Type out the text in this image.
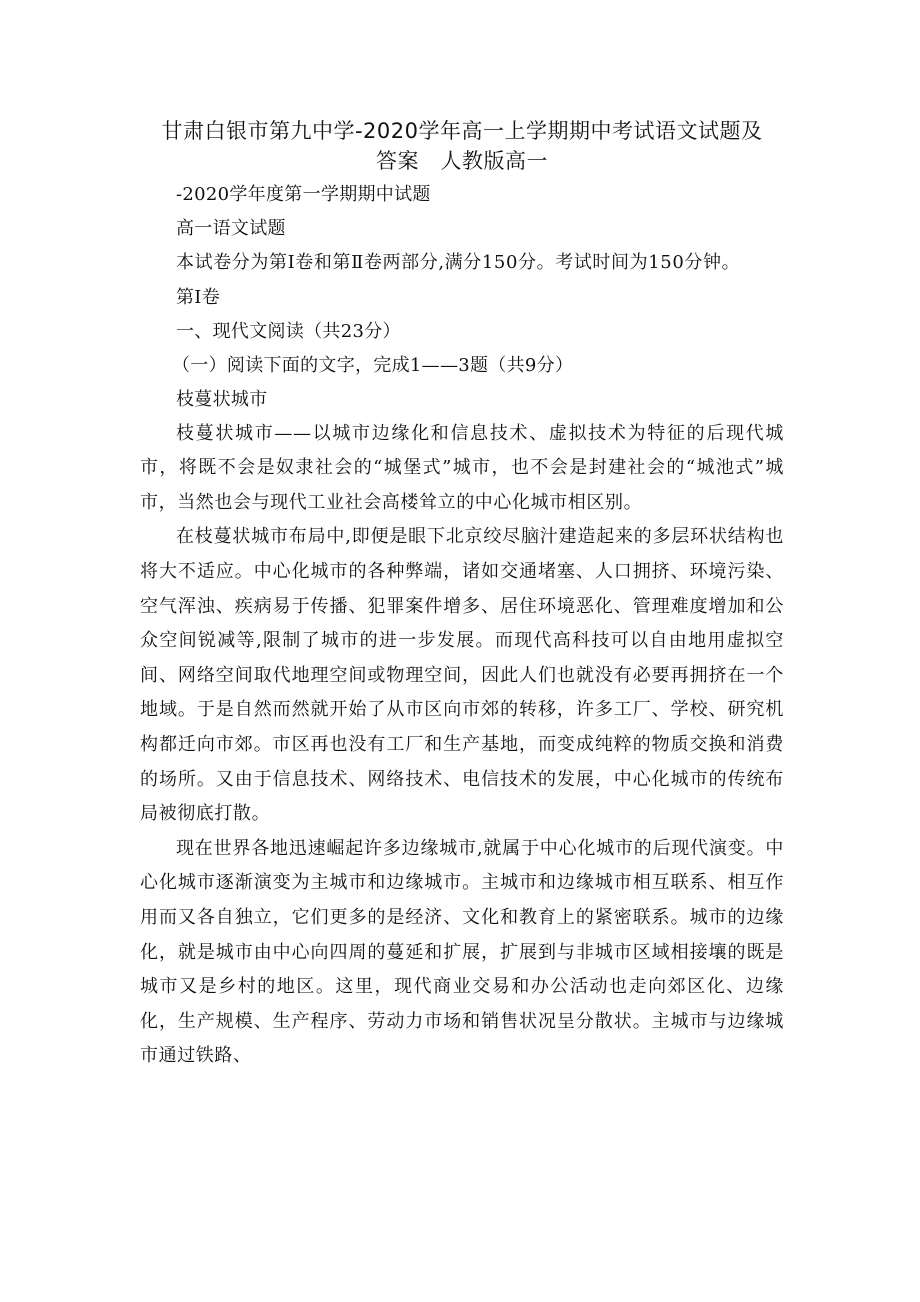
甘肃白银市第九中学-2020学年高一上学期期中考试语文试题及
答案　人教版高一

-2020学年度第一学期期中试题

高一语文试题

本试卷分为第Ⅰ卷和第Ⅱ卷两部分,满分150分。考试时间为150分钟。

第Ⅰ卷

一、现代文阅读（共23分）

（一）阅读下面的文字，完成1——3题（共9分）

枝蔓状城市

枝蔓状城市——以城市边缘化和信息技术、虚拟技术为特征的后现代城市，将既不会是奴隶社会的“城堡式”城市，也不会是封建社会的“城池式”城市，当然也会与现代工业社会高楼耸立的中心化城市相区别。

在枝蔓状城市布局中,即便是眼下北京绞尽脑汁建造起来的多层环状结构也将大不适应。中心化城市的各种弊端，诸如交通堵塞、人口拥挤、环境污染、空气浑浊、疾病易于传播、犯罪案件增多、居住环境恶化、管理难度增加和公众空间锐减等,限制了城市的进一步发展。而现代高科技可以自由地用虚拟空间、网络空间取代地理空间或物理空间，因此人们也就没有必要再拥挤在一个地域。于是自然而然就开始了从市区向市郊的转移，许多工厂、学校、研究机构都迁向市郊。市区再也没有工厂和生产基地，而变成纯粹的物质交换和消费的场所。又由于信息技术、网络技术、电信技术的发展，中心化城市的传统布局被彻底打散。

现在世界各地迅速崛起许多边缘城市,就属于中心化城市的后现代演变。中心化城市逐渐演变为主城市和边缘城市。主城市和边缘城市相互联系、相互作用而又各自独立，它们更多的是经济、文化和教育上的紧密联系。城市的边缘化，就是城市由中心向四周的蔓延和扩展，扩展到与非城市区域相接壤的既是城市又是乡村的地区。这里，现代商业交易和办公活动也走向郊区化、边缘化，生产规模、生产程序、劳动力市场和销售状况呈分散状。主城市与边缘城市通过铁路、
